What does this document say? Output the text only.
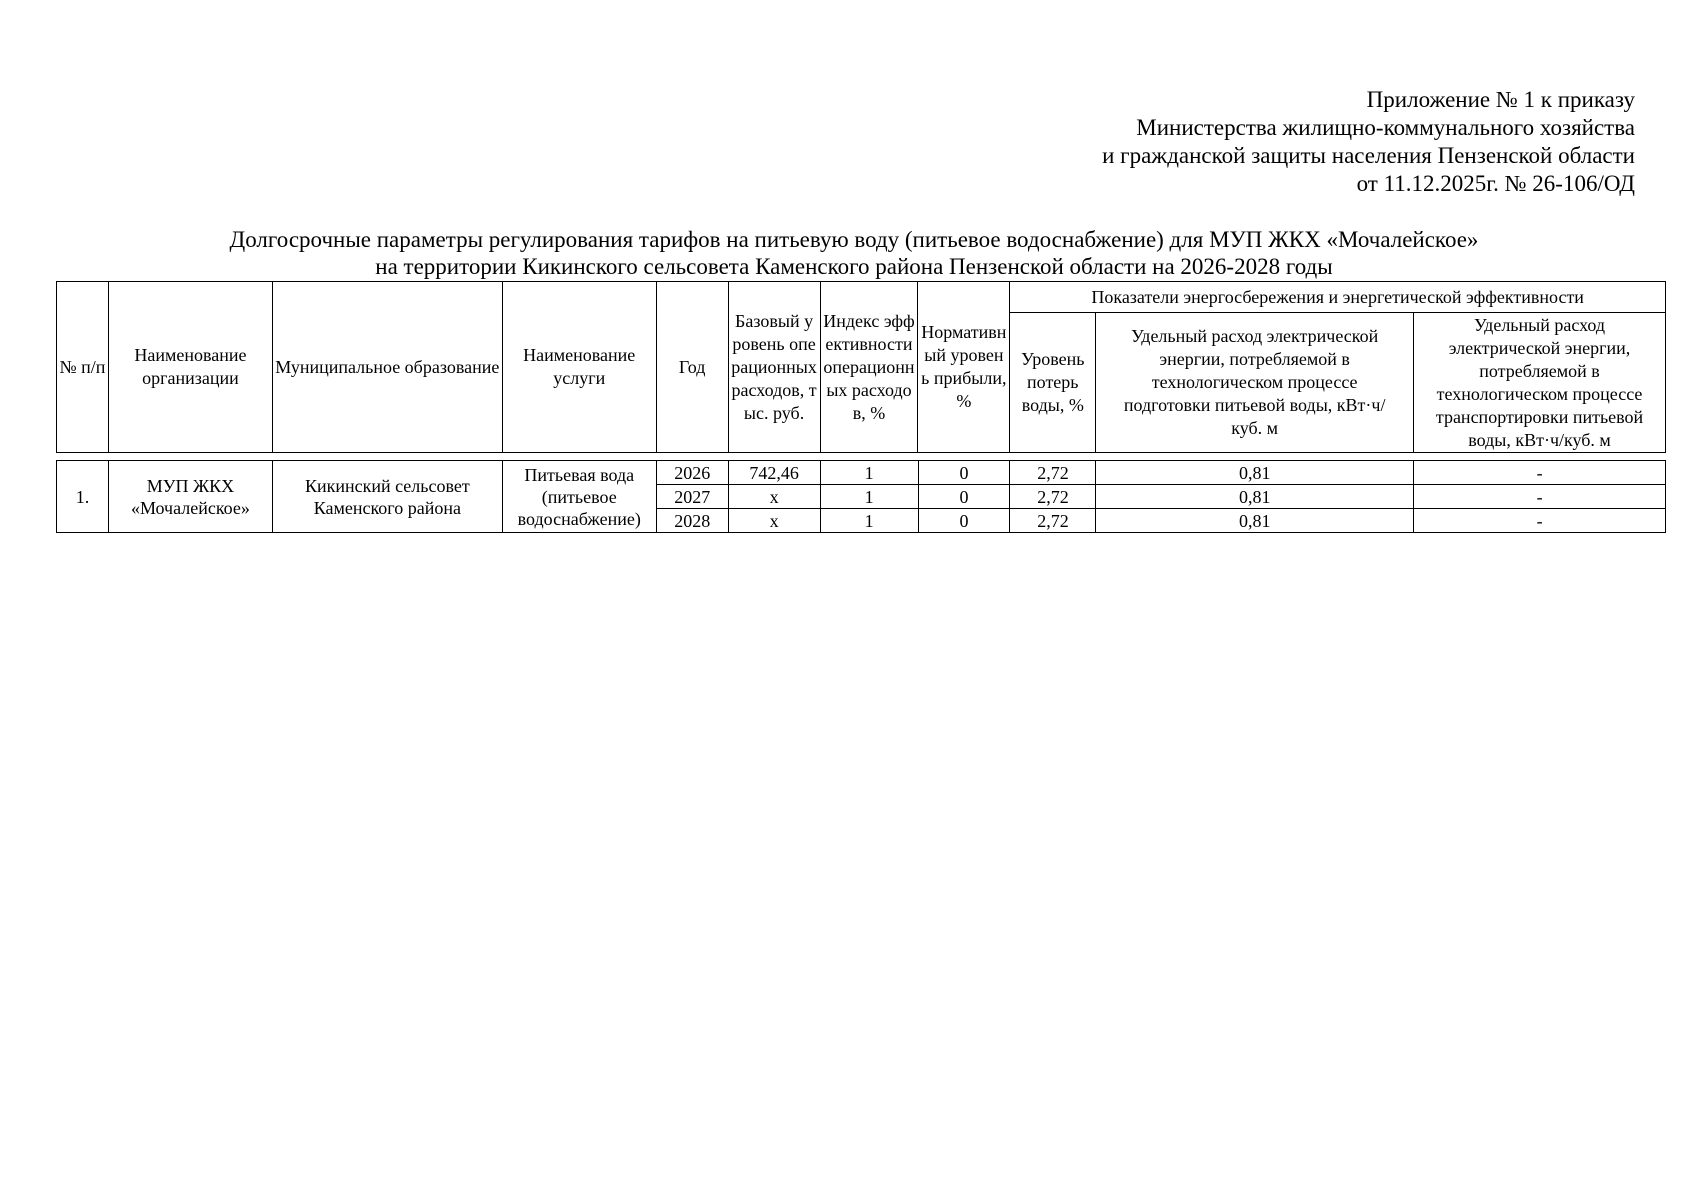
Приложение № 1 к приказу
Министерства жилищно-коммунального хозяйства
и гражданской защиты населения Пензенской области
от 11.12.2025г. № 26-106/ОД
Долгосрочные параметры регулирования тарифов на питьевую воду (питьевое водоснабжение) для МУП ЖКХ «Мочалейское»
на территории Кикинского сельсовета Каменского района Пензенской области на 2026-2028 годы
№ п/п	Наименование организации	Муниципальное образование	Наименование услуги	Год	Базовый уровень операционных расходов, тыс. руб.	Индекс эффективности операционных расходов, %	Нормативный уровень прибыли, %	Показатели энергосбережения и энергетической эффективности		
								Уровень потерь воды, %	Удельный расход электрической энергии, потребляемой в технологическом процессе подготовки питьевой воды, кВт·ч/куб. м	Удельный расход электрической энергии, потребляемой в технологическом процессе транспортировки питьевой воды, кВт·ч/куб. м
1.	МУП ЖКХ «Мочалейское»	Кикинский сельсовет Каменского района	Питьевая вода (питьевое водоснабжение)	2026	742,46	1	0	2,72	0,81	-
				2027	х	1	0	2,72	0,81	-
				2028	х	1	0	2,72	0,81	-
